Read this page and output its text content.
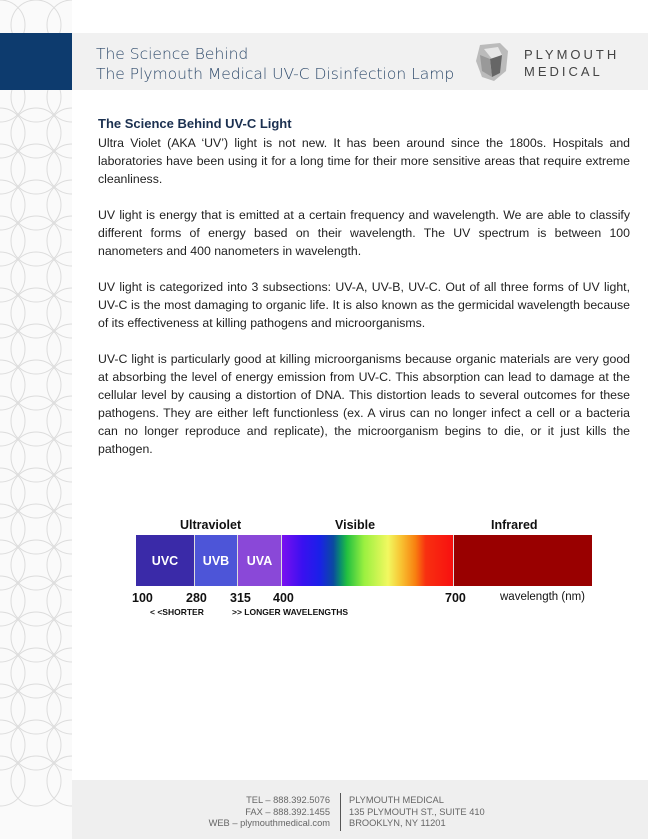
The Science Behind
The Plymouth Medical UV-C Disinfection Lamp
PLYMOUTH
MEDICAL
The Science Behind UV-C Light

Ultra Violet (AKA ‘UV’) light is not new. It has been around since the 1800s. Hospitals and laboratories have been using it for a long time for their more sensitive areas that require extreme cleanliness.

UV light is energy that is emitted at a certain frequency and wavelength. We are able to classify different forms of energy based on their wavelength. The UV spectrum is between 100 nanometers and 400 nanometers in wavelength.

UV light is categorized into 3 subsections: UV-A, UV-B, UV-C. Out of all three forms of UV light, UV-C is the most damaging to organic life. It is also known as the germicidal wavelength because of its effectiveness at killing pathogens and microorganisms.

UV-C light is particularly good at killing microorganisms because organic materials are very good at absorbing the level of energy emission from UV-C. This absorption can lead to damage at the cellular level by causing a distortion of DNA. This distortion leads to several outcomes for these pathogens. They are either left functionless (ex. A virus can no longer infect a cell or a bacteria can no longer reproduce and replicate), the microorganism begins to die, or it just kills the pathogen.

Ultraviolet	Visible	Infrared
UVC	UVB	UVA
100	280 315 400	700	wavelength (nm)
< <SHORTER	>> LONGER WAVELENGTHS
TEL – 888.392.5076
FAX – 888.392.1455
WEB – plymouthmedical.com
PLYMOUTH MEDICAL
135 PLYMOUTH ST., SUITE 410
BROOKLYN, NY 11201
